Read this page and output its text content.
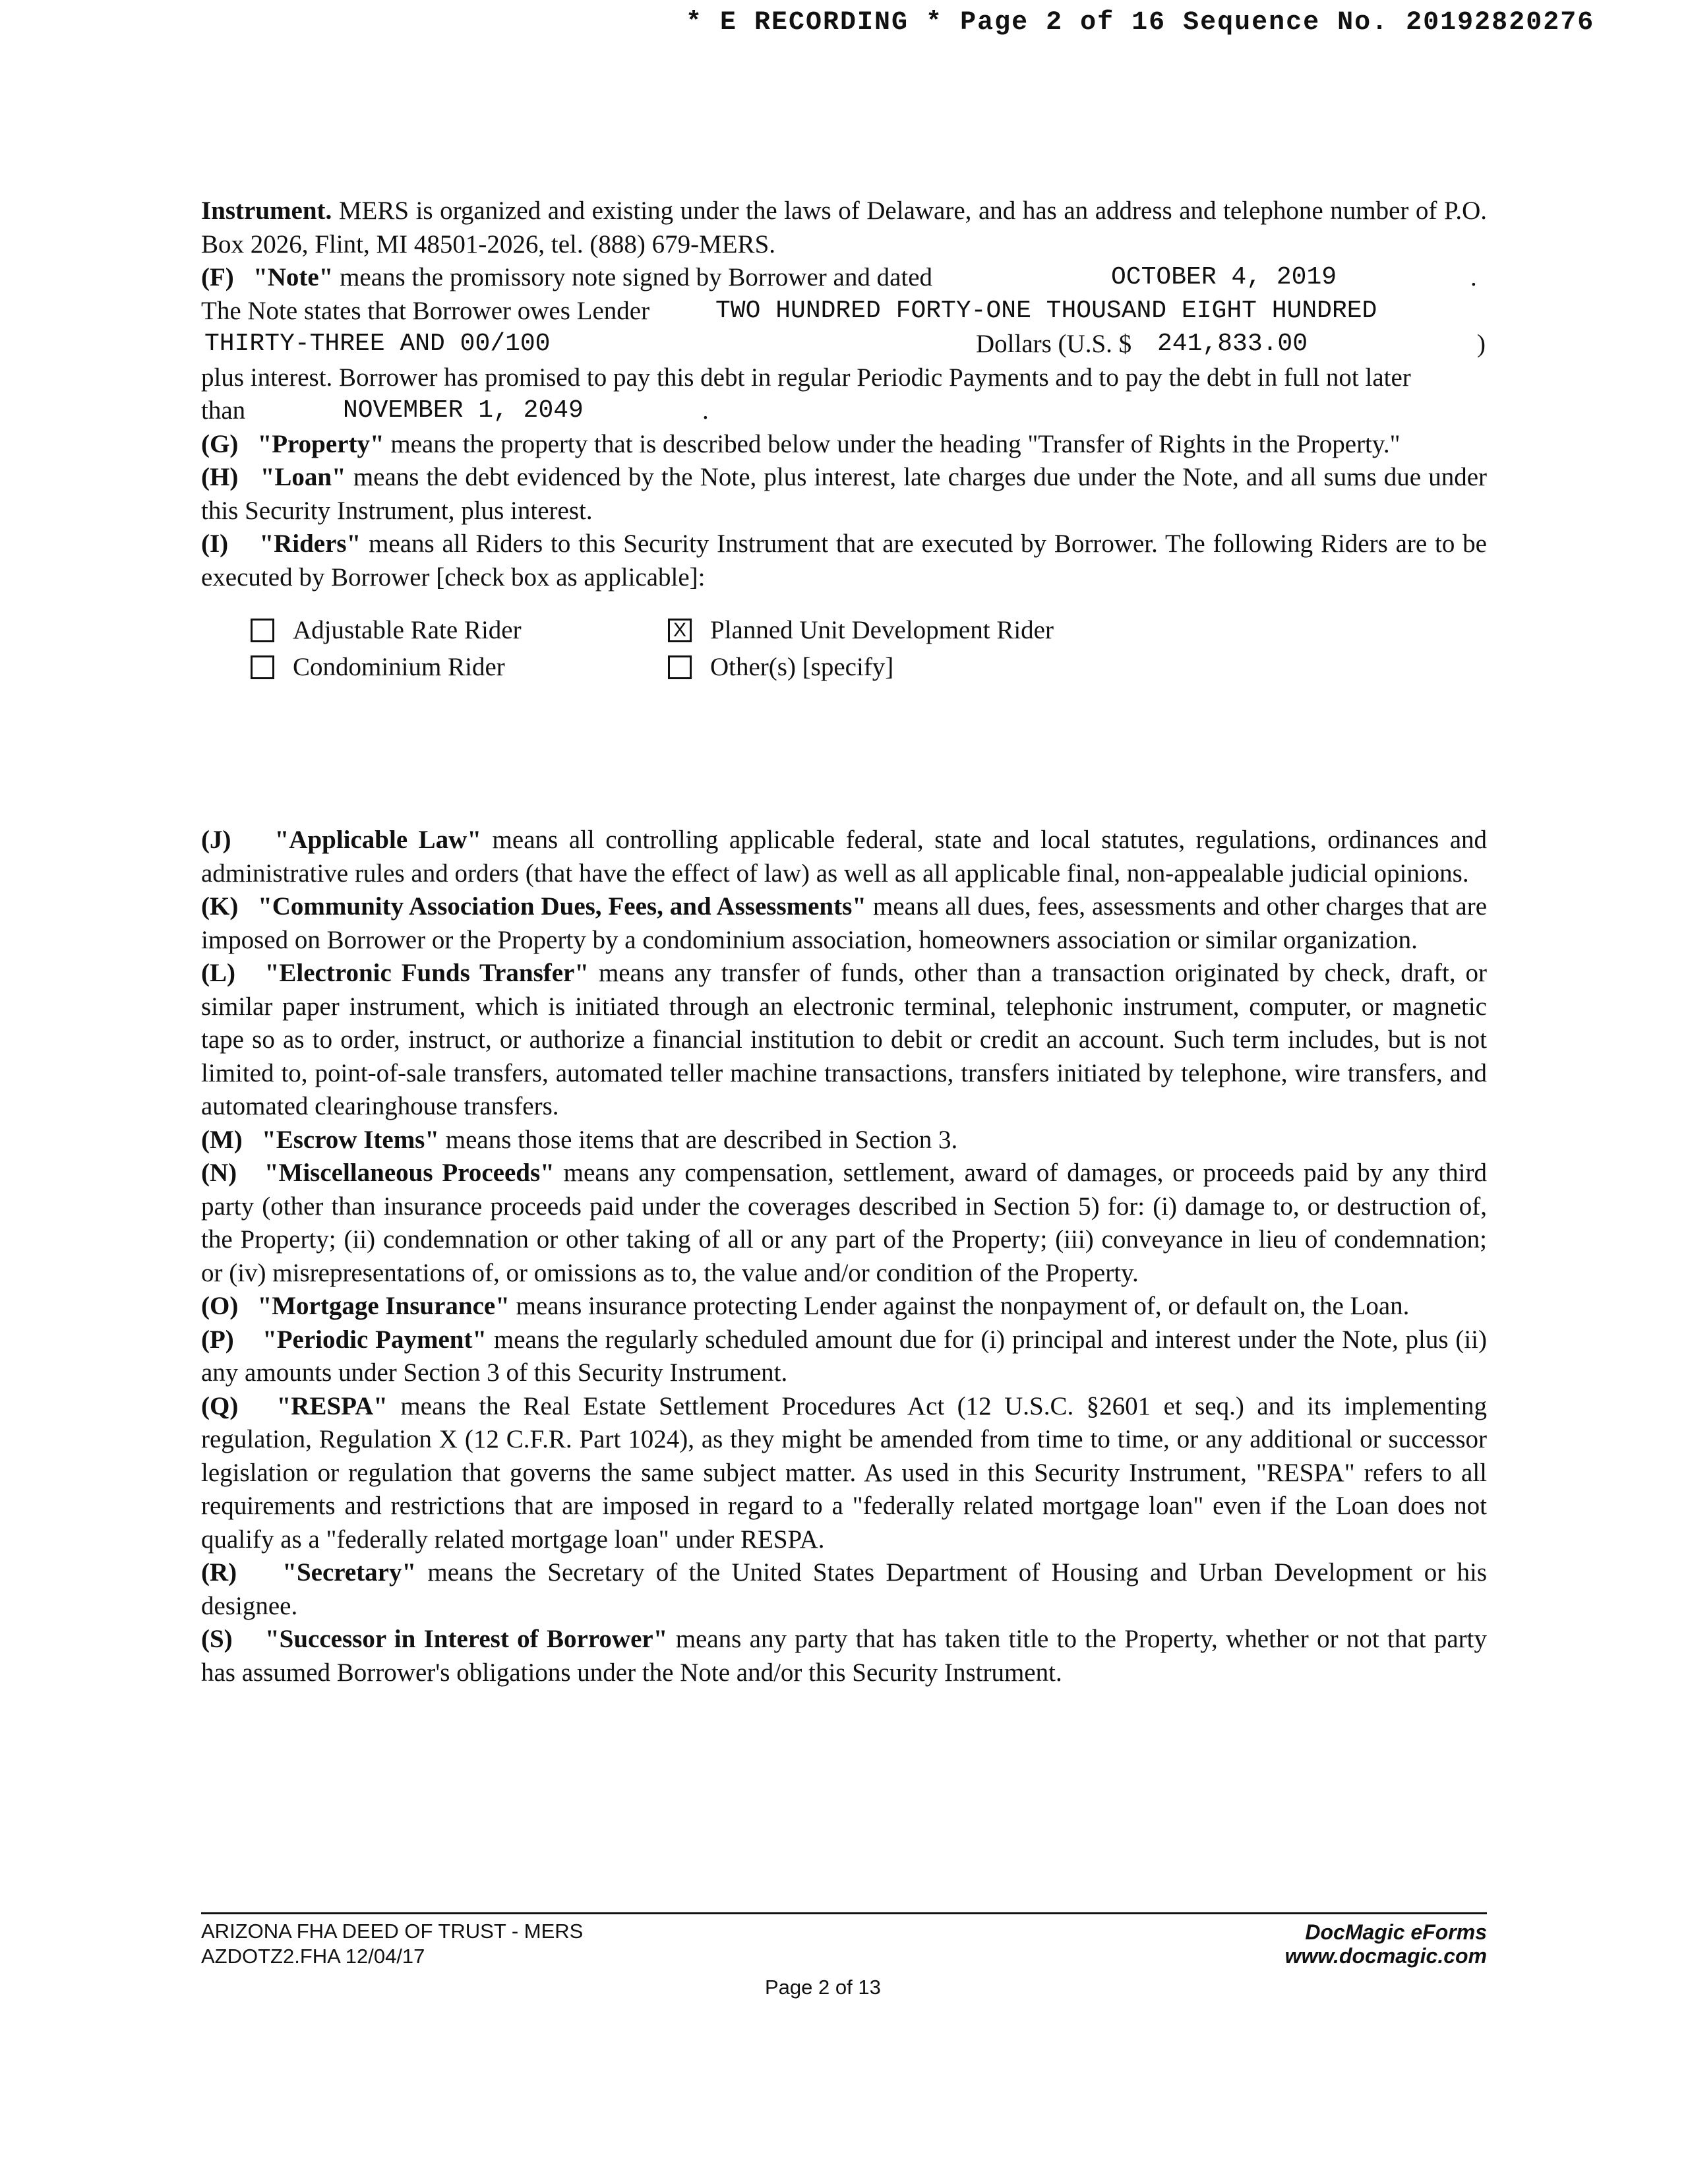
* E RECORDING * Page 2 of 16 Sequence No. 20192820276

Instrument. MERS is organized and existing under the laws of Delaware, and has an address and telephone number of P.O. Box 2026, Flint, MI 48501-2026, tel. (888) 679-MERS.

(F) "Note" means the promissory note signed by Borrower and dated	OCTOBER 4, 2019	.
The Note states that Borrower owes Lender	TWO HUNDRED FORTY-ONE THOUSAND EIGHT HUNDRED
THIRTY-THREE AND 00/100	Dollars (U.S. $ 241,833.00	)
plus interest. Borrower has promised to pay this debt in regular Periodic Payments and to pay the debt in full not later
than	NOVEMBER 1, 2049	.

(G) "Property" means the property that is described below under the heading "Transfer of Rights in the Property."

(H) "Loan" means the debt evidenced by the Note, plus interest, late charges due under the Note, and all sums due under this Security Instrument, plus interest.

(I) "Riders" means all Riders to this Security Instrument that are executed by Borrower. The following Riders are to be executed by Borrower [check box as applicable]:

Adjustable Rate Rider	X Planned Unit Development Rider
Condominium Rider	Other(s) [specify]

(J) "Applicable Law" means all controlling applicable federal, state and local statutes, regulations, ordinances and administrative rules and orders (that have the effect of law) as well as all applicable final, non-appealable judicial opinions.

(K) "Community Association Dues, Fees, and Assessments" means all dues, fees, assessments and other charges that are imposed on Borrower or the Property by a condominium association, homeowners association or similar organization.

(L) "Electronic Funds Transfer" means any transfer of funds, other than a transaction originated by check, draft, or similar paper instrument, which is initiated through an electronic terminal, telephonic instrument, computer, or magnetic tape so as to order, instruct, or authorize a financial institution to debit or credit an account. Such term includes, but is not limited to, point-of-sale transfers, automated teller machine transactions, transfers initiated by telephone, wire transfers, and automated clearinghouse transfers.

(M) "Escrow Items" means those items that are described in Section 3.

(N) "Miscellaneous Proceeds" means any compensation, settlement, award of damages, or proceeds paid by any third party (other than insurance proceeds paid under the coverages described in Section 5) for: (i) damage to, or destruction of, the Property; (ii) condemnation or other taking of all or any part of the Property; (iii) conveyance in lieu of condemnation; or (iv) misrepresentations of, or omissions as to, the value and/or condition of the Property.

(O) "Mortgage Insurance" means insurance protecting Lender against the nonpayment of, or default on, the Loan.

(P) "Periodic Payment" means the regularly scheduled amount due for (i) principal and interest under the Note, plus (ii) any amounts under Section 3 of this Security Instrument.

(Q) "RESPA" means the Real Estate Settlement Procedures Act (12 U.S.C. §2601 et seq.) and its implementing regulation, Regulation X (12 C.F.R. Part 1024), as they might be amended from time to time, or any additional or successor legislation or regulation that governs the same subject matter. As used in this Security Instrument, "RESPA" refers to all requirements and restrictions that are imposed in regard to a "federally related mortgage loan" even if the Loan does not qualify as a "federally related mortgage loan" under RESPA.

(R) "Secretary" means the Secretary of the United States Department of Housing and Urban Development or his designee.

(S) "Successor in Interest of Borrower" means any party that has taken title to the Property, whether or not that party has assumed Borrower's obligations under the Note and/or this Security Instrument.

ARIZONA FHA DEED OF TRUST - MERS
AZDOTZ2.FHA 12/04/17
DocMagic eForms
www.docmagic.com
Page 2 of 13
